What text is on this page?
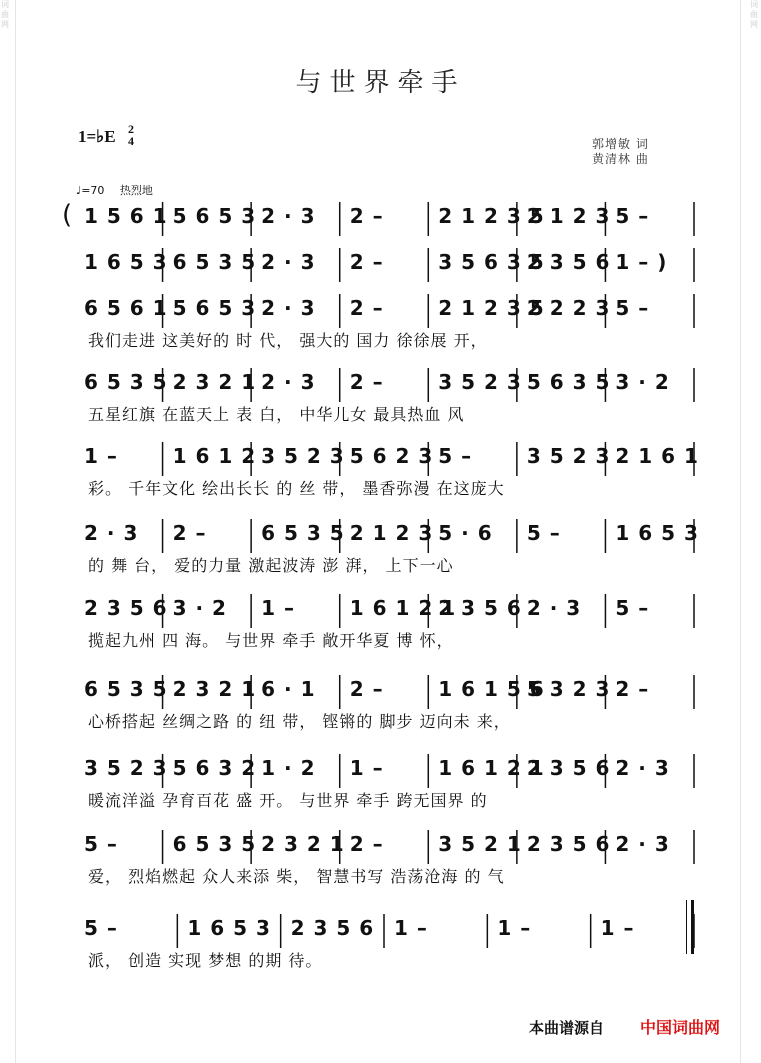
词
曲
网
词
曲
网
与世界牵手
1=♭E 2
4	郭增敏 词
黄清林 曲
♩=70 热烈地
( 1 5 6 1 5 6 5 3 2 · 3 2 –	2 1 2 3 52 1 2 3 5 –
1 6 5 3 6 5 3 5 2 · 3 2 –	3 5 6 3 52 3 5 6 1 – )
6 5 6 1 5 6 5 3 2 · 3 2 –	2 1 2 3 52 2 2 3 5 –
我们走进 这美好的 时 代， 强大的 国力 徐徐展 开，
6 5 3 5 2 3 2 1 2 · 3 2 –	3 5 2 3 5 6 3 5 3 · 2
五星红旗 在蓝天上 表 白， 中华儿女 最具热血 风
1 –	1 6 1 2 3 5 2 3 5 6 2 3 5 –	3 5 2 3 2 1 6 1
彩。 千年文化 绘出长长 的 丝 带， 墨香弥漫 在这庞大
2 · 3 2 –	6 5 3 5 2 1 2 3 5 · 6 5 –	1 6 5 3
的 舞 台， 爱的力量 激起波涛 澎 湃， 上下一心
2 3 5 6 3 · 2 1 –	1 6 1 2 12 3 5 6 2 · 3 5 –
揽起九州 四 海。 与世界 牵手 敞开华夏 博 怀，
6 5 3 5 2 3 2 1 6 · 1 2 –	1 6 1 5 65 3 2 3 2 –
心桥搭起 丝绸之路 的 纽 带， 铿锵的 脚步 迈向未 来，
3 5 2 3 5 6 3 2 1 · 2 1 –	1 6 1 2 12 3 5 6 2 · 3
暖流洋溢 孕育百花 盛 开。 与世界 牵手 跨无国界 的
5 –	6 5 3 5 2 3 2 1 2 –	3 5 2 1 2 3 5 6 2 · 3
爱， 烈焰燃起 众人来添 柴， 智慧书写 浩荡沧海 的 气
5 –	1 6 5 3 2 3 5 6 1 –	1 –	1 –
派， 创造 实现 梦想 的期 待。
本曲谱源自 中国词曲网
